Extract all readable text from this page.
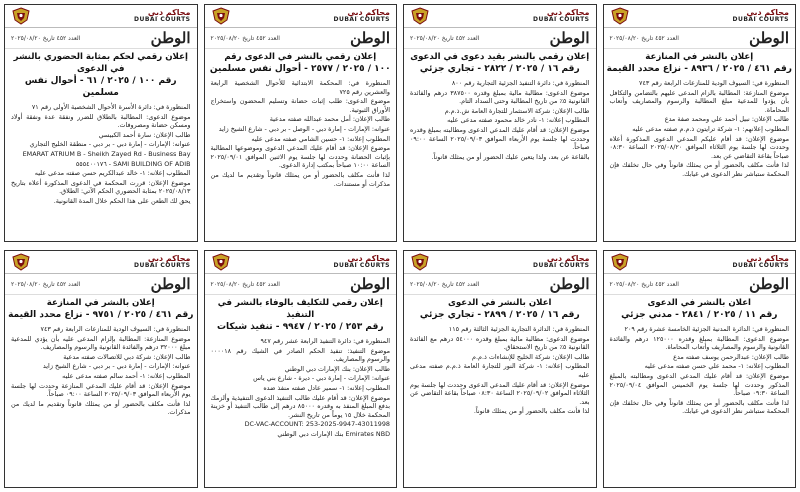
محاكم دبي
DUBAI COURTS
العدد ٤٥٢ تاريخ ٢٠٢٥/٠٨/٢٠	الوطن
إعلان رقمي لحكم بمثابة الحضوري بالنشر في الدعوى
رقم ١٠٠ / ٢٠٢٥ / ٦١ - أحوال نفس مسلمين

المنظورة في: دائرة الأسرة الأحوال الشخصية الأولى رقم ٧١

موضوع الدعوى: المطالبة بالطلاق للضرر ونفقة عدة ونفقة أولاد ومسكن حضانة ومصروفات.

طالب الإعلان: سارة أحمد الكبيسي

عنوانه: الإمارات - إمارة دبي - بر دبي - منطقة الخليج التجاري

EMARAT ATRIUM B - Sheikh Zayed Rd - Business Bay

SAMI BUILDING OF ADIB - ٥٥٥٤٠٠١٧٦

المطلوب إعلانه: ١- خالد عبدالكريم حسن صفته مدعى عليه

موضوع الإعلان: قررت المحكمة في الدعوى المذكورة أعلاه بتاريخ ٢٠٢٥/٠٨/١٣ بمثابة الحضوري الحكم الآتي: الطلاق.

يحق لك الطعن على هذا الحكم خلال المدة القانونية.

محاكم دبي
DUBAI COURTS
العدد ٤٥٢ تاريخ ٢٠٢٥/٠٨/٢٠	الوطن
إعلان رقمي بالنشر في الدعوى رقم
١٠٠ / ٢٠٢٥ / ٢٥٧٧ - أحوال نفس مسلمين

المنظورة في: المحكمة الابتدائية للأحوال الشخصية الرابعة والعشرين رقم ٧٢٥

موضوع الدعوى: طلب إثبات حضانة وتسليم المحضون واستخراج الأوراق الثبوتية.

طالب الإعلان: أمل محمد عبدالله صفته مدعية

عنوانه: الإمارات - إمارة دبي - الوصل - بر دبي - شارع الشيخ زايد

المطلوب إعلانه: ١- حسين الشامي صفته مدعى عليه

موضوع الإعلان: قد أقام عليك المدعي الدعوى وموضوعها المطالبة بإثبات الحضانة وحددت لها جلسة يوم الاثنين الموافق ٢٠٢٥/٠٩/٠١ الساعة ١٠:٠٠ صباحاً بمكتب إدارة الدعوى.

لذا فأنت مكلف بالحضور أو من يمثلك قانوناً وتقديم ما لديك من مذكرات أو مستندات.

محاكم دبي
DUBAI COURTS
العدد ٤٥٢ تاريخ ٢٠٢٥/٠٨/٢٠	الوطن
إعلان رقمي بالنشر بقيد دعوى في الدعوى
رقم ١٦ / ٢٠٢٥ / ٢٨٢٢ - تجاري جزئي

المنظورة في: دائرة التنفيذ الجزئية التجارية رقم ٨٠٠

موضوع الدعوى: مطالبة مالية بمبلغ وقدره ٣٨٧٥٠٠ درهم والفائدة القانونية ٥٪ من تاريخ المطالبة وحتى السداد التام.

طالب الإعلان: شركة الاستثمار للتجارة العامة ش.ذ.م.م

المطلوب إعلانه: ١- نادر خالد محمود صفته مدعى عليه

موضوع الإعلان: قد أقام عليك المدعي الدعوى ومطالبته بمبلغ وقدره وحددت لها جلسة يوم الأربعاء الموافق ٢٠٢٥/٠٩/٠٣ الساعة ٠٩:٠٠ صباحاً.

بالقاعة عن بعد، ولذا يتعين عليك الحضور أو من يمثلك قانوناً.

محاكم دبي
DUBAI COURTS
العدد ٤٥٢ تاريخ ٢٠٢٥/٠٨/٢٠	الوطن
إعلان بالنشر في المنازعة
رقم ٤٦١ / ٢٠٢٥ / ٨٩٣٦ - نزاع محدد القيمة

المنظورة في: السيوف الودية للمنازعات الرابعة رقم ٧٤٣

موضوع المنازعة: المطالبة بالزام المدعى عليهم بالتضامن والتكافل بأن يؤدوا للمدعية مبلغ المطالبة والرسوم والمصاريف وأتعاب المحاماة.

طالب الإعلان: نبيل أحمد علي ومحمد صفة مدع

المطلوب إعلانهم: ١- شركة ترايتون ذ.م.م صفته مدعى عليه

موضوع الإعلان: قد أقام عليكم المدعي الدعوى المذكورة أعلاه وحددت لها جلسة يوم الثلاثاء الموافق ٢٠٢٥/٠٨/٢٠ الساعة ٠٨:٣٠ صباحاً بقاعة التقاضي عن بعد.

لذا فأنت مكلف بالحضور أو من يمثلك قانوناً وفي حال تخلفك فإن المحكمة ستباشر نظر الدعوى في غيابك.

محاكم دبي
DUBAI COURTS
العدد ٤٥٢ تاريخ ٢٠٢٥/٠٨/٢٠	الوطن
إعلان بالنشر في المنازعة
رقم ٤٦١ / ٢٠٢٥ / ٩٧٥١ - نزاع محدد القيمة

المنظورة في: السيوف الودية للمنازعات الرابعة رقم ٧٤٣

موضوع المنازعة: المطالبة بإلزام المدعى عليه بأن يؤدي للمدعية مبلغ ٣٢٠٠٠ درهم والفائدة القانونية والرسوم والمصاريف.

طالب الإعلان: شركة دبي للاتصالات صفته مدعية

عنوانه: الإمارات - إمارة دبي - بر دبي - شارع الشيخ زايد

المطلوب إعلانه: ١- أحمد سالم صفته مدعى عليه

موضوع الإعلان: قد أقام عليك المدعي المنازعة وحددت لها جلسة يوم الأربعاء الموافق ٢٠٢٥/٠٩/٠٣ الساعة ٠٩:٠٠ صباحاً.

لذا فأنت مكلف بالحضور أو من يمثلك قانوناً وتقديم ما لديك من مذكرات.

محاكم دبي
DUBAI COURTS
العدد ٤٥٢ تاريخ ٢٠٢٥/٠٨/٢٠	الوطن
إعلان رقمي للتكليف بالوفاء بالنشر في التنفيذ
رقم ٢٥٣ / ٢٠٢٥ / ٩٩٤٧ - تنفيذ شيكات

المنظورة في: دائرة التنفيذ الرابعة عشر رقم ٩٤٧

موضوع التنفيذ: تنفيذ الحكم الصادر في الشيك رقم ٠٠٠٠١٨ والرسوم والمصاريف.

طالب الإعلان: بنك الإمارات دبي الوطني

عنوانه: الإمارات - إمارة دبي - ديرة - شارع بني ياس

المطلوب إعلانه: ١- سمير عادل صفته منفذ ضده

موضوع الإعلان: قد أقام عليك طالب التنفيذ الدعوى التنفيذية وألزمك بدفع المبلغ المنفذ به وقدره ٨٥٠٠٠ درهم إلى طالب التنفيذ أو خزينة المحكمة خلال ١٥ يوماً من تاريخ النشر.

DC-VAC-ACCOUNT: 253-2025-9947-43011998

Emirates NBD بنك الإمارات دبي الوطني

محاكم دبي
DUBAI COURTS
العدد ٤٥٢ تاريخ ٢٠٢٥/٠٨/٢٠	الوطن
اعلان بالنشر في الدعوى
رقم ١٦ / ٢٠٢٥ / ٢٨٩٩ - تجاري جزئي

المنظورة في: الدائرة التجارية الجزئية الثالثة رقم ١١٥

موضوع الدعوى: مطالبة مالية بمبلغ وقدره ٥٤٠٠٠ درهم مع الفائدة القانونية ٥٪ من تاريخ الاستحقاق.

طالب الإعلان: شركة الخليج للإنشاءات ذ.م.م

المطلوب إعلانه: ١- شركة النور للتجارة العامة ذ.م.م صفته مدعى عليه

موضوع الإعلان: قد أقام عليك المدعي الدعوى وحددت لها جلسة يوم الثلاثاء الموافق ٢٠٢٥/٠٩/٠٢ الساعة ٠٨:٣٠ صباحاً بقاعة التقاضي عن بعد.

لذا فأنت مكلف بالحضور أو من يمثلك قانوناً.

محاكم دبي
DUBAI COURTS
العدد ٤٥٢ تاريخ ٢٠٢٥/٠٨/٢٠	الوطن
اعلان بالنشر في الدعوى
رقم ١١ / ٢٠٢٥ / ٢٨٤١ - مدني جزئي

المنظورة في: الدائرة المدنية الجزئية الخامسة عشرة رقم ٢٠٩

موضوع الدعوى: المطالبة بمبلغ وقدره ١٢٥٠٠٠ درهم والفائدة القانونية والرسوم والمصاريف وأتعاب المحاماة.

طالب الإعلان: عبدالرحمن يوسف صفته مدع

المطلوب إعلانه: ١- محمد علي حسن صفته مدعى عليه

موضوع الإعلان: قد أقام عليك المدعي الدعوى ومطالبته بالمبلغ المذكور وحددت لها جلسة يوم الخميس الموافق ٢٠٢٥/٠٩/٠٤ الساعة ٠٩:٣٠ صباحاً.

لذا فأنت مكلف بالحضور أو من يمثلك قانوناً وفي حال تخلفك فإن المحكمة ستباشر نظر الدعوى في غيابك.
